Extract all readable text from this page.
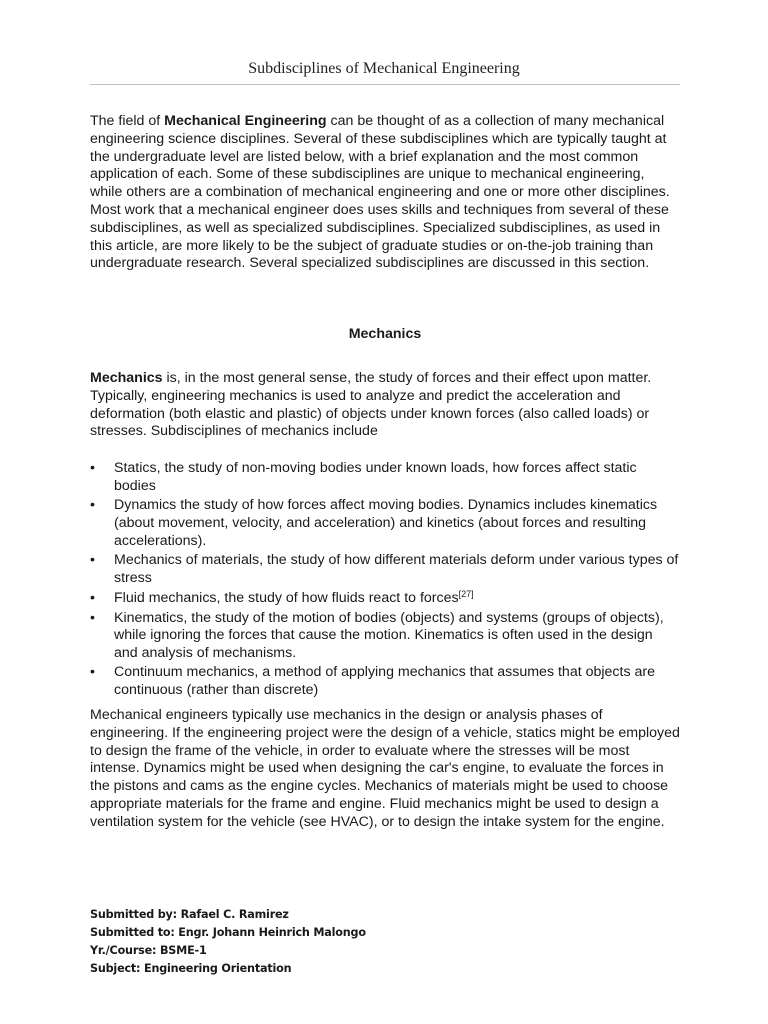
Subdisciplines of Mechanical Engineering

The field of Mechanical Engineering can be thought of as a collection of many mechanical engineering science disciplines. Several of these subdisciplines which are typically taught at the undergraduate level are listed below, with a brief explanation and the most common application of each. Some of these subdisciplines are unique to mechanical engineering, while others are a combination of mechanical engineering and one or more other disciplines. Most work that a mechanical engineer does uses skills and techniques from several of these subdisciplines, as well as specialized subdisciplines. Specialized subdisciplines, as used in this article, are more likely to be the subject of graduate studies or on-the-job training than undergraduate research. Several specialized subdisciplines are discussed in this section.

Mechanics

Mechanics is, in the most general sense, the study of forces and their effect upon matter. Typically, engineering mechanics is used to analyze and predict the acceleration and deformation (both elastic and plastic) of objects under known forces (also called loads) or stresses. Subdisciplines of mechanics include

• Statics, the study of non-moving bodies under known loads, how forces affect static bodies
• Dynamics the study of how forces affect moving bodies. Dynamics includes kinematics (about movement, velocity, and acceleration) and kinetics (about forces and resulting accelerations).
• Mechanics of materials, the study of how different materials deform under various types of stress
• Fluid mechanics, the study of how fluids react to forces[27]
• Kinematics, the study of the motion of bodies (objects) and systems (groups of objects), while ignoring the forces that cause the motion. Kinematics is often used in the design and analysis of mechanisms.
• Continuum mechanics, a method of applying mechanics that assumes that objects are continuous (rather than discrete)

Mechanical engineers typically use mechanics in the design or analysis phases of engineering. If the engineering project were the design of a vehicle, statics might be employed to design the frame of the vehicle, in order to evaluate where the stresses will be most intense. Dynamics might be used when designing the car's engine, to evaluate the forces in the pistons and cams as the engine cycles. Mechanics of materials might be used to choose appropriate materials for the frame and engine. Fluid mechanics might be used to design a ventilation system for the vehicle (see HVAC), or to design the intake system for the engine.

Submitted by: Rafael C. Ramirez
Submitted to: Engr. Johann Heinrich Malongo
Yr./Course: BSME-1
Subject: Engineering Orientation
